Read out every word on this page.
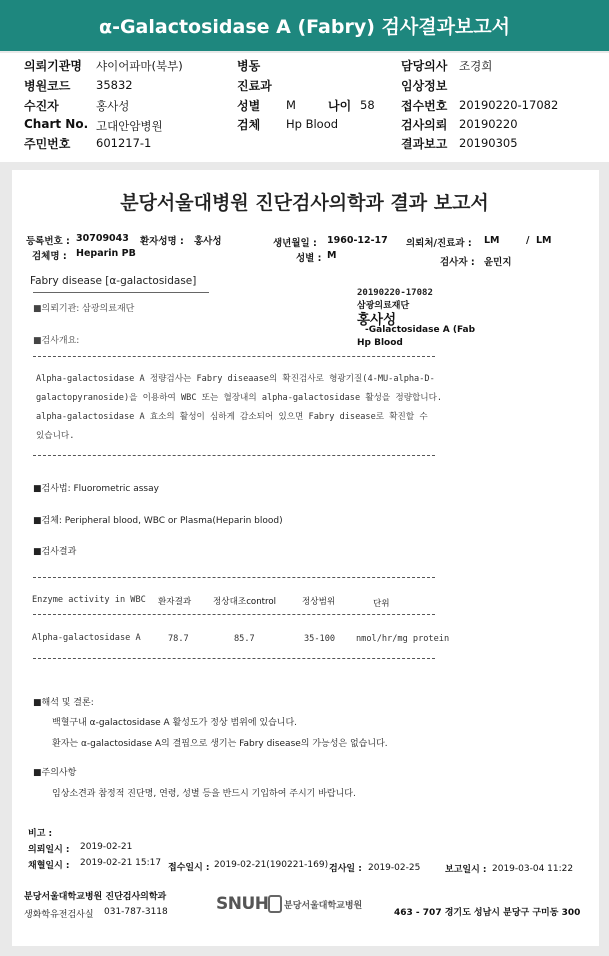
α-Galactosidase A (Fabry) 검사결과보고서
의뢰기관명 샤이어파마(북부)
병원코드 35832
수진자	홍사성
Chart No. 고대안암병원
주민번호 601217-1
병동
진료과
성별 M	나이 58
검체 Hp Blood
담당의사 조경희
임상정보
접수번호 20190220-17082
검사의뢰 20190220
결과보고 20190305
분당서울대병원 진단검사의학과 결과 보고서
등록번호 : 30709043 환자성명 : 홍사성	생년월일 : 1960-12-17 의뢰처/진료과 : LM	/ LM
검체명 : Heparin PB	성별 : M
검사자 : 윤민지
Fabry disease [α-galactosidase]
20190220-17082
삼광의료재단
홍사성
-Galactosidase A (Fab
Hp Blood
■의뢰기관: 삼광의료재단
■검사개요:
Alpha-galactosidase A 정량검사는 Fabry diseaase의 확진검사로 형광기질(4-MU-alpha-D-
galactopyranoside)을 이용하여 WBC 또는 혈장내의 alpha-galactosidase 활성을 정량합니다.
alpha-galactosidase A 효소의 활성이 심하게 감소되어 있으면 Fabry disease로 확진할 수
있습니다.
■검사법: Fluorometric assay
■검체: Peripheral blood, WBC or Plasma(Heparin blood)
■검사결과
Enzyme activity in WBC 환자결과	정상대조control	정상범위	단위
Alpha-galactosidase A	78.7	85.7	35-100 nmol/hr/mg protein
■해석 및 결론:
백혈구내 α-galactosidase A 활성도가 정상 범위에 있습니다.
환자는 α-galactosidase A의 결핍으로 생기는 Fabry disease의 가능성은 없습니다.
■주의사항
임상소견과 참정적 진단명, 연령, 성별 등을 반드시 기입하여 주시기 바랍니다.
비고 :
의뢰일시 : 2019-02-21
채혈일시 : 2019-02-21 15:17 접수일시 : 2019-02-21(190221-169) 검사일 : 2019-02-25	보고일시 : 2019-03-04 11:22
분당서울대학교병원 진단검사의학과
생화학유전검사실 031-787-3118	SNUH 분당서울대학교병원
463 - 707 경기도 성남시 분당구 구미동 300
